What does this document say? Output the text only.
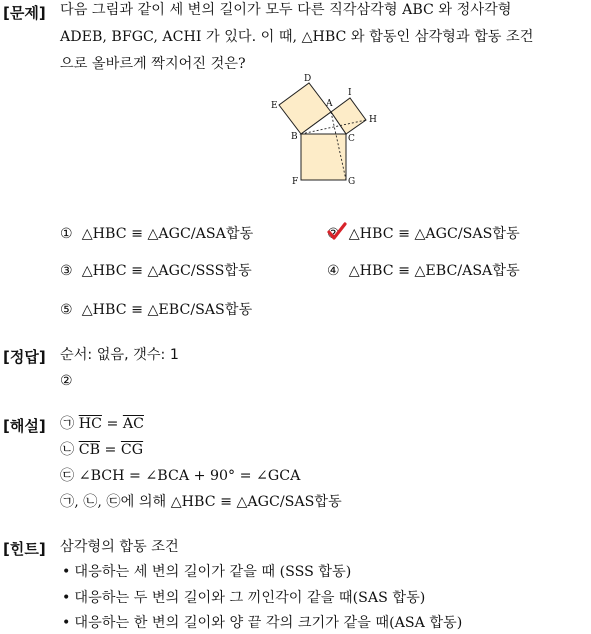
[문제] 다음 그림과 같이 세 변의 길이가 모두 다른 직각삼각형 ABC 와 정사각형
ADEB, BFGC, ACHI 가 있다. 이 때, △HBC 와 합동인 삼각형과 합동 조건
으로 올바르게 짝지어진 것은?
D
E	A
I
H
B	C
F	G
① △HBC ≡ △AGC/ASA합동	② △HBC ≡ △AGC/SAS합동
③ △HBC ≡ △AGC/SSS합동	④ △HBC ≡ △EBC/ASA합동
⑤ △HBC ≡ △EBC/SAS합동
[정답] 순서: 없음, 갯수: 1
②
[해설] ㉠ $\overline{HC} = \overline{AC}$
㉡ $\overline{CB} = \overline{CG}$
㉢ ∠BCH = ∠BCA + 90° = ∠GCA
㉠, ㉡, ㉢에 의해 △HBC ≡ △AGC/SAS합동
[힌트] 삼각형의 합동 조건
• 대응하는 세 변의 길이가 같을 때 (SSS 합동)
• 대응하는 두 변의 길이와 그 끼인각이 같을 때(SAS 합동)
• 대응하는 한 변의 길이와 양 끝 각의 크기가 같을 때(ASA 합동)
